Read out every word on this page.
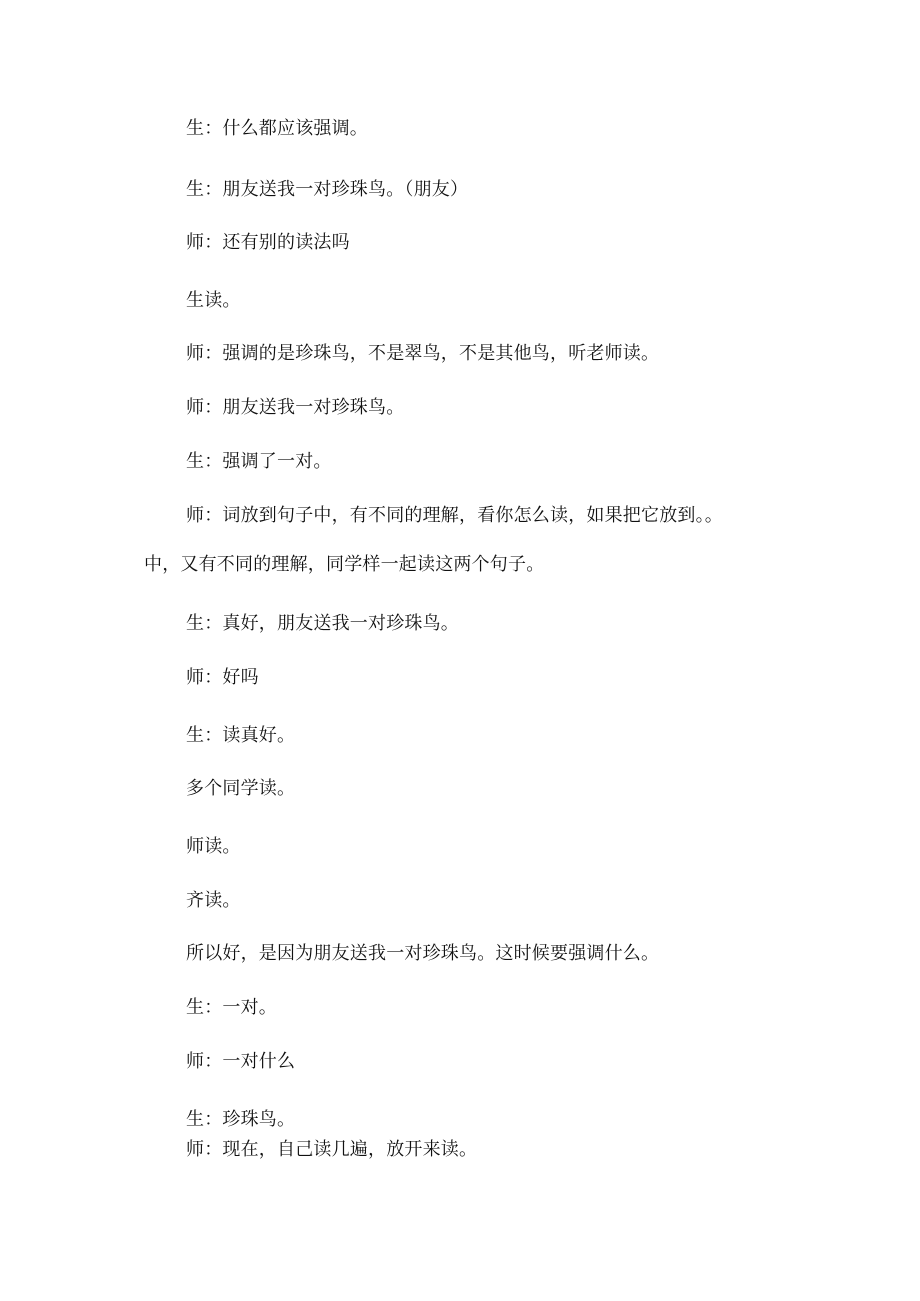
生：什么都应该强调。
生：朋友送我一对珍珠鸟。（朋友）
师：还有别的读法吗
生读。
师：强调的是珍珠鸟，不是翠鸟，不是其他鸟，听老师读。
师：朋友送我一对珍珠鸟。
生：强调了一对。
师：词放到句子中，有不同的理解，看你怎么读，如果把它放到。。
中，又有不同的理解，同学样一起读这两个句子。
生：真好，朋友送我一对珍珠鸟。
师：好吗
生：读真好。
多个同学读。
师读。
齐读。
所以好，是因为朋友送我一对珍珠鸟。这时候要强调什么。
生：一对。
师：一对什么
生：珍珠鸟。
师：现在，自己读几遍，放开来读。
